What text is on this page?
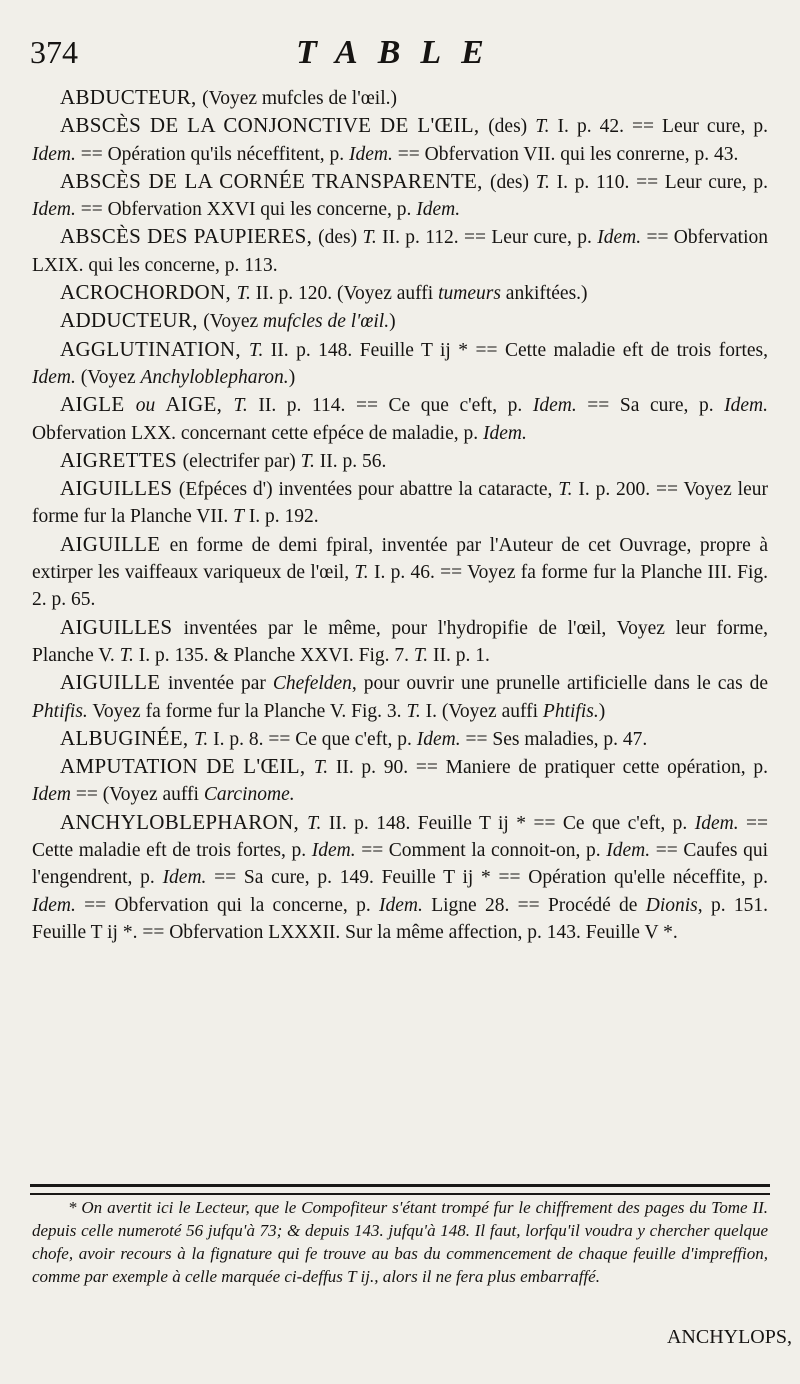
374	TABLE

ABDUCTEUR, (Voyez mufcles de l'œil.)

ABSCÈS DE LA CONJONCTIVE DE L'ŒIL, (des) T. I. p. 42. == Leur cure, p. Idem. == Opération qu'ils néceffitent, p. Idem. == Obfervation VII. qui les conrerne, p. 43.

ABSCÈS DE LA CORNÉE TRANSPARENTE, (des) T. I. p. 110. == Leur cure, p. Idem. == Obfervation XXVI qui les concerne, p. Idem.

ABSCÈS DES PAUPIERES, (des) T. II. p. 112. == Leur cure, p. Idem. == Obfervation LXIX. qui les concerne, p. 113.

ACROCHORDON, T. II. p. 120. (Voyez auffi tumeurs ankiftées.)

ADDUCTEUR, (Voyez mufcles de l'œil.)

AGGLUTINATION, T. II. p. 148. Feuille T ij * == Cette maladie eft de trois fortes, Idem. (Voyez Anchyloblepharon.)

AIGLE ou AIGE, T. II. p. 114. == Ce que c'eft, p. Idem. == Sa cure, p. Idem. Obfervation LXX. concernant cette efpéce de maladie, p. Idem.

AIGRETTES (electrifer par) T. II. p. 56.

AIGUILLES (Efpéces d') inventées pour abattre la cataracte, T. I. p. 200. == Voyez leur forme fur la Planche VII. T I. p. 192.

AIGUILLE en forme de demi fpiral, inventée par l'Auteur de cet Ouvrage, propre à extirper les vaiffeaux variqueux de l'œil, T. I. p. 46. == Voyez fa forme fur la Planche III. Fig. 2. p. 65.

AIGUILLES inventées par le même, pour l'hydropifie de l'œil, Voyez leur forme, Planche V. T. I. p. 135. & Planche XXVI. Fig. 7. T. II. p. 1.

AIGUILLE inventée par Chefelden, pour ouvrir une prunelle artificielle dans le cas de Phtifis. Voyez fa forme fur la Planche V. Fig. 3. T. I. (Voyez auffi Phtifis.)

ALBUGINÉE, T. I. p. 8. == Ce que c'eft, p. Idem. == Ses maladies, p. 47.

AMPUTATION DE L'ŒIL, T. II. p. 90. == Maniere de pratiquer cette opération, p. Idem == (Voyez auffi Carcinome.

ANCHYLOBLEPHARON, T. II. p. 148. Feuille T ij * == Ce que c'eft, p. Idem. == Cette maladie eft de trois fortes, p. Idem. == Comment la connoit-on, p. Idem. == Caufes qui l'engendrent, p. Idem. == Sa cure, p. 149. Feuille T ij * == Opération qu'elle néceffite, p. Idem. == Obfervation qui la concerne, p. Idem. Ligne 28. == Procédé de Dionis, p. 151. Feuille T ij *. == Obfervation LXXXII. Sur la même affection, p. 143. Feuille V *.

* On avertit ici le Lecteur, que le Compofiteur s'étant trompé fur le chiffrement des pages du Tome II. depuis celle numeroté 56 jufqu'à 73; & depuis 143. jufqu'à 148. Il faut, lorfqu'il voudra y chercher quelque chofe, avoir recours à la fignature qui fe trouve au bas du commencement de chaque feuille d'impreffion, comme par exemple à celle marquée ci-deffus T ij., alors il ne fera plus embarraffé.

ANCHYLOPS,
